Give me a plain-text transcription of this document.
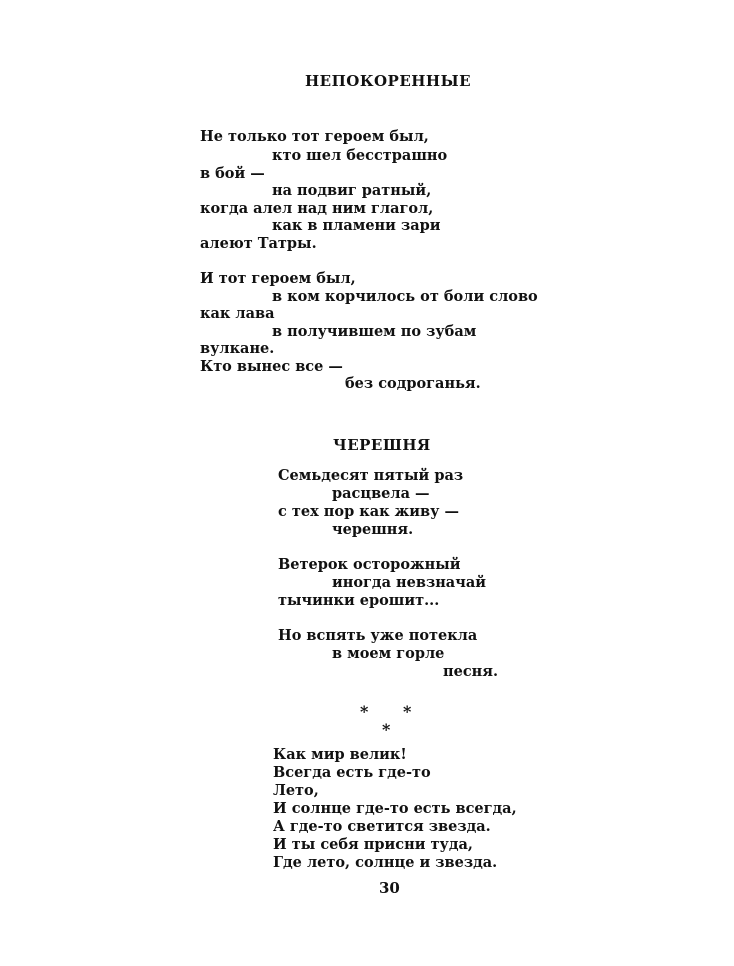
НЕПОКОРЕННЫЕ
Не только тот героем был,
кто шел бесстрашно
в бой —
на подвиг ратный,
когда алел над ним глагол,
как в пламени зари
алеют Татры.
И тот героем был,
в ком корчилось от боли слово
как лава
в получившем по зубам
вулкане.
Кто вынес все —
без содроганья.
ЧЕРЕШНЯ
Семьдесят пятый раз
расцвела —
с тех пор как живу —
черешня.
Ветерок осторожный
иногда невзначай
тычинки ерошит...
Но вспять уже потекла
в моем горле
песня.
* *
*
Как мир велик!
Всегда есть где-то
Лето,
И солнце где-то есть всегда,
А где-то светится звезда.
И ты себя присни туда,
Где лето, солнце и звезда.
30
